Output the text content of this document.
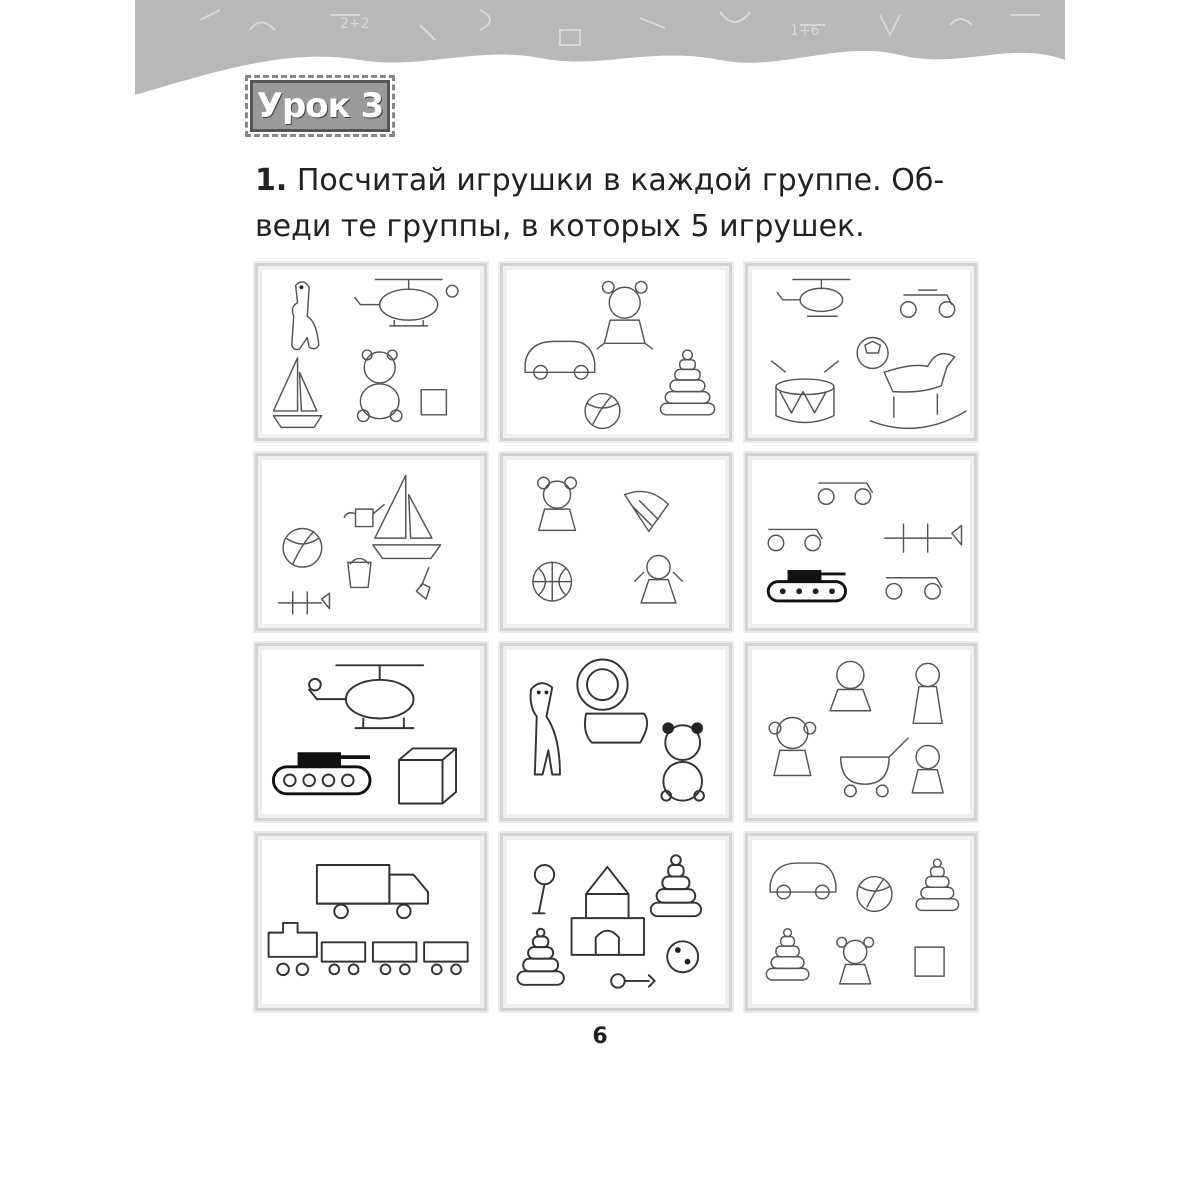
2+2	1+6
Урок 3
1. Посчитай игрушки в каждой группе. Об-
веди те группы, в которых 5 игрушек.
6
